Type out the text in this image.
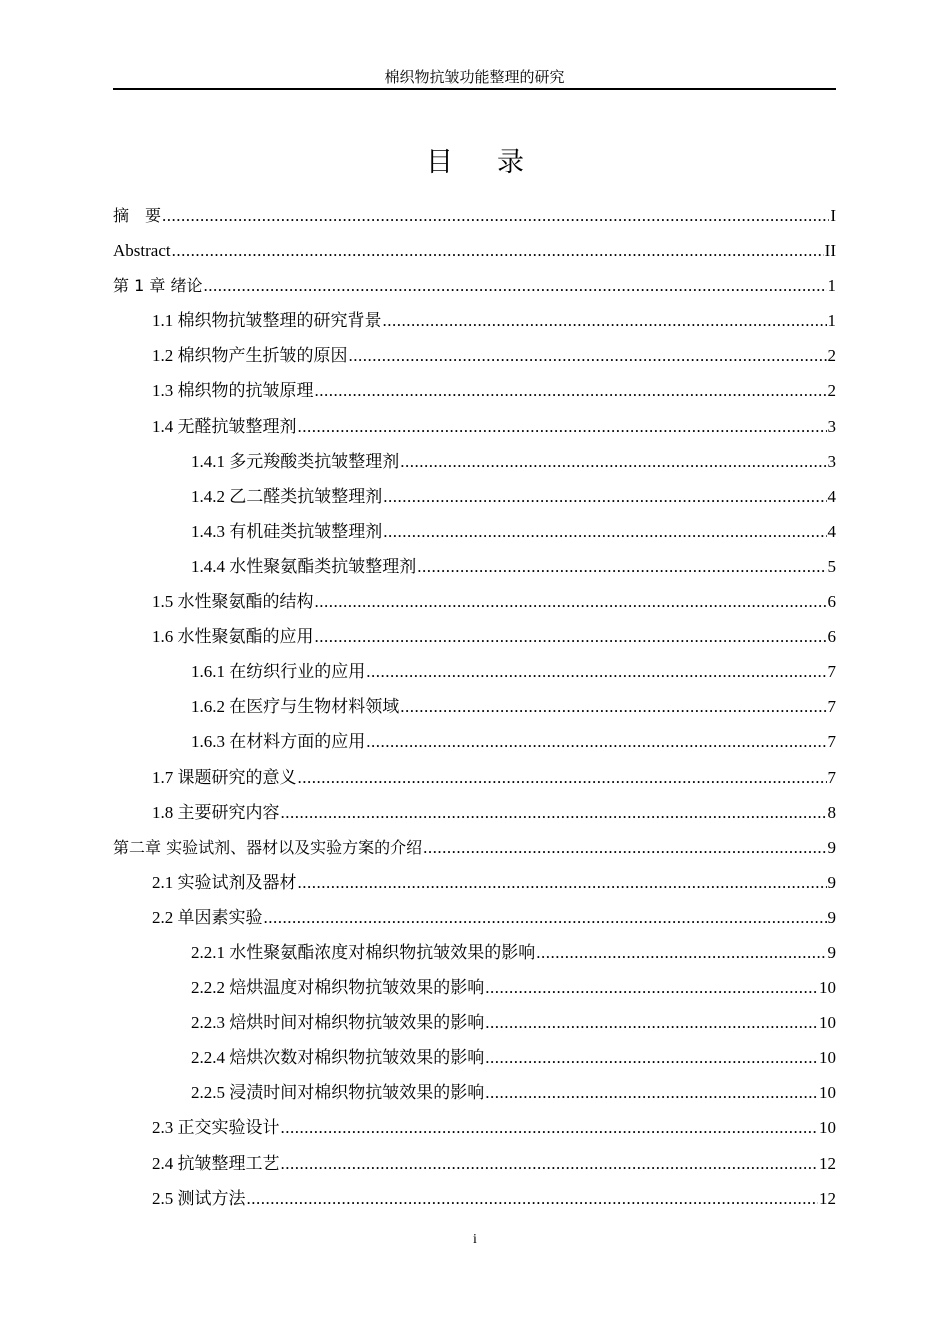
棉织物抗皱功能整理的研究
目 录
摘　要 .....	I
Abstract .....	II
第 1 章 绪论 .....	1
1.1 棉织物抗皱整理的研究背景 .....	1
1.2 棉织物产生折皱的原因 .....	2
1.3 棉织物的抗皱原理 .....	2
1.4 无醛抗皱整理剂 .....	3
1.4.1 多元羧酸类抗皱整理剂 .....	3
1.4.2 乙二醛类抗皱整理剂 .....	4
1.4.3 有机硅类抗皱整理剂 .....	4
1.4.4 水性聚氨酯类抗皱整理剂 .....	5
1.5 水性聚氨酯的结构 .....	6
1.6 水性聚氨酯的应用 .....	6
1.6.1 在纺织行业的应用 .....	7
1.6.2 在医疗与生物材料领域 .....	7
1.6.3 在材料方面的应用 .....	7
1.7 课题研究的意义 .....	7
1.8 主要研究内容 .....	8
第二章 实验试剂、器材以及实验方案的介绍 .....	9
2.1 实验试剂及器材 .....	9
2.2 单因素实验 .....	9
2.2.1 水性聚氨酯浓度对棉织物抗皱效果的影响 .....	9
2.2.2 焙烘温度对棉织物抗皱效果的影响 .....	10
2.2.3 焙烘时间对棉织物抗皱效果的影响 .....	10
2.2.4 焙烘次数对棉织物抗皱效果的影响 .....	10
2.2.5 浸渍时间对棉织物抗皱效果的影响 .....	10
2.3 正交实验设计 .....	10
2.4 抗皱整理工艺 .....	12
2.5 测试方法 .....	12
i
